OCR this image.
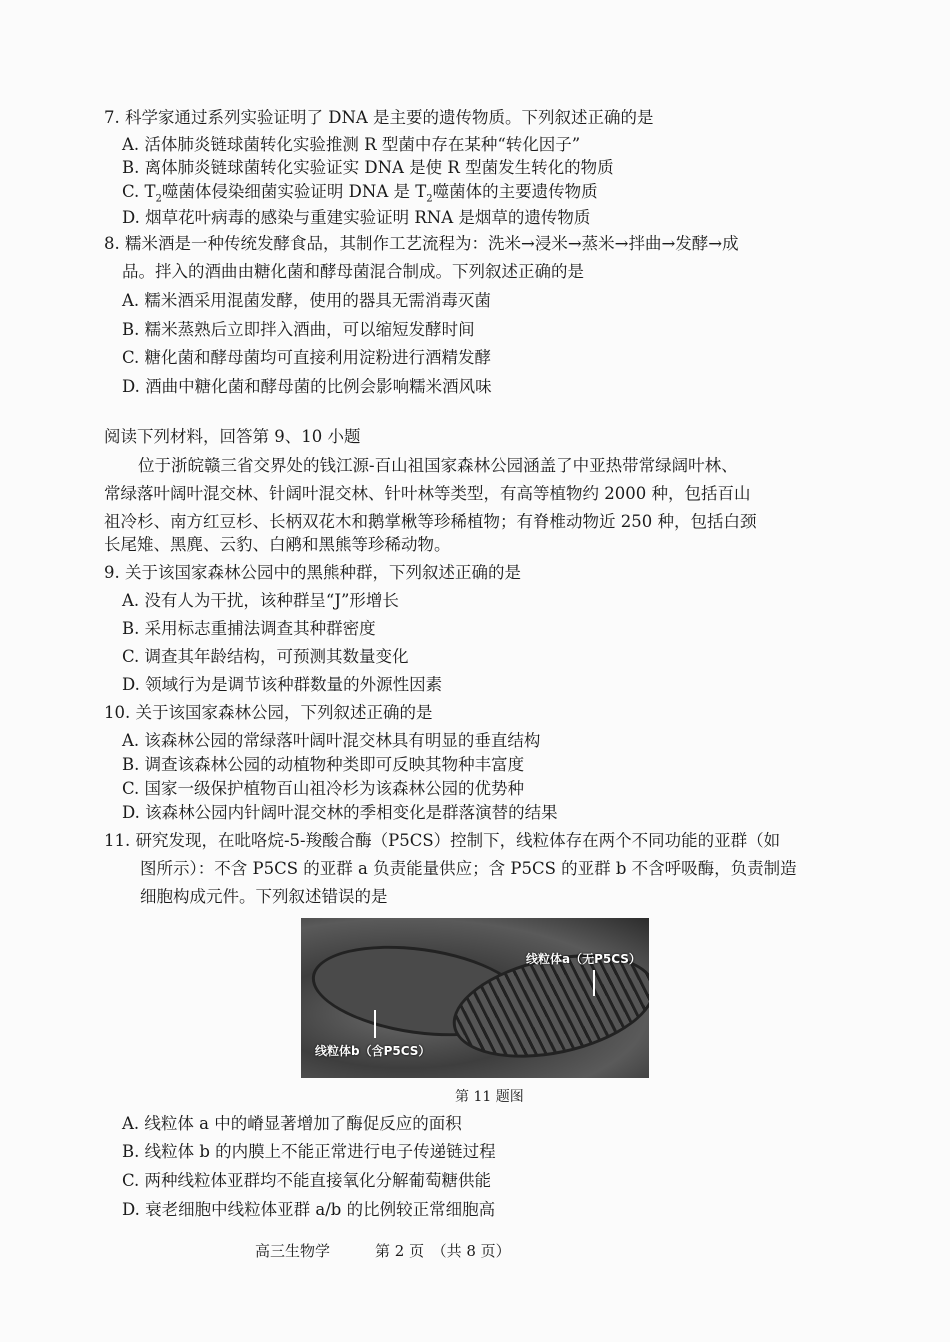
7. 科学家通过系列实验证明了 DNA 是主要的遗传物质。下列叙述正确的是
A. 活体肺炎链球菌转化实验推测 R 型菌中存在某种“转化因子”
B. 离体肺炎链球菌转化实验证实 DNA 是使 R 型菌发生转化的物质
C. $T_2$噬菌体侵染细菌实验证明 DNA 是 $T_2$噬菌体的主要遗传物质
D. 烟草花叶病毒的感染与重建实验证明 RNA 是烟草的遗传物质
8. 糯米酒是一种传统发酵食品，其制作工艺流程为：洗米→浸米→蒸米→拌曲→发酵→成
品。拌入的酒曲由糖化菌和酵母菌混合制成。下列叙述正确的是
A. 糯米酒采用混菌发酵，使用的器具无需消毒灭菌
B. 糯米蒸熟后立即拌入酒曲，可以缩短发酵时间
C. 糖化菌和酵母菌均可直接利用淀粉进行酒精发酵
D. 酒曲中糖化菌和酵母菌的比例会影响糯米酒风味
阅读下列材料，回答第 9、10 小题
位于浙皖赣三省交界处的钱江源-百山祖国家森林公园涵盖了中亚热带常绿阔叶林、
常绿落叶阔叶混交林、针阔叶混交林、针叶林等类型，有高等植物约 2000 种，包括百山
祖冷杉、南方红豆杉、长柄双花木和鹅掌楸等珍稀植物；有脊椎动物近 250 种，包括白颈
长尾雉、黑麂、云豹、白鹇和黑熊等珍稀动物。
9. 关于该国家森林公园中的黑熊种群，下列叙述正确的是
A. 没有人为干扰，该种群呈“J”形增长
B. 采用标志重捕法调查其种群密度
C. 调查其年龄结构，可预测其数量变化
D. 领域行为是调节该种群数量的外源性因素
10. 关于该国家森林公园，下列叙述正确的是
A. 该森林公园的常绿落叶阔叶混交林具有明显的垂直结构
B. 调查该森林公园的动植物种类即可反映其物种丰富度
C. 国家一级保护植物百山祖冷杉为该森林公园的优势种
D. 该森林公园内针阔叶混交林的季相变化是群落演替的结果
11. 研究发现，在吡咯烷-5-羧酸合酶（P5CS）控制下，线粒体存在两个不同功能的亚群（如
图所示）：不含 P5CS 的亚群 a 负责能量供应；含 P5CS 的亚群 b 不含呼吸酶，负责制造
细胞构成元件。下列叙述错误的是
线粒体a（无P5CS）
线粒体b（含P5CS）
第 11 题图
A. 线粒体 a 中的嵴显著增加了酶促反应的面积
B. 线粒体 b 的内膜上不能正常进行电子传递链过程
C. 两种线粒体亚群均不能直接氧化分解葡萄糖供能
D. 衰老细胞中线粒体亚群 a/b 的比例较正常细胞高
高三生物学　　　第 2 页　（共 8 页）
